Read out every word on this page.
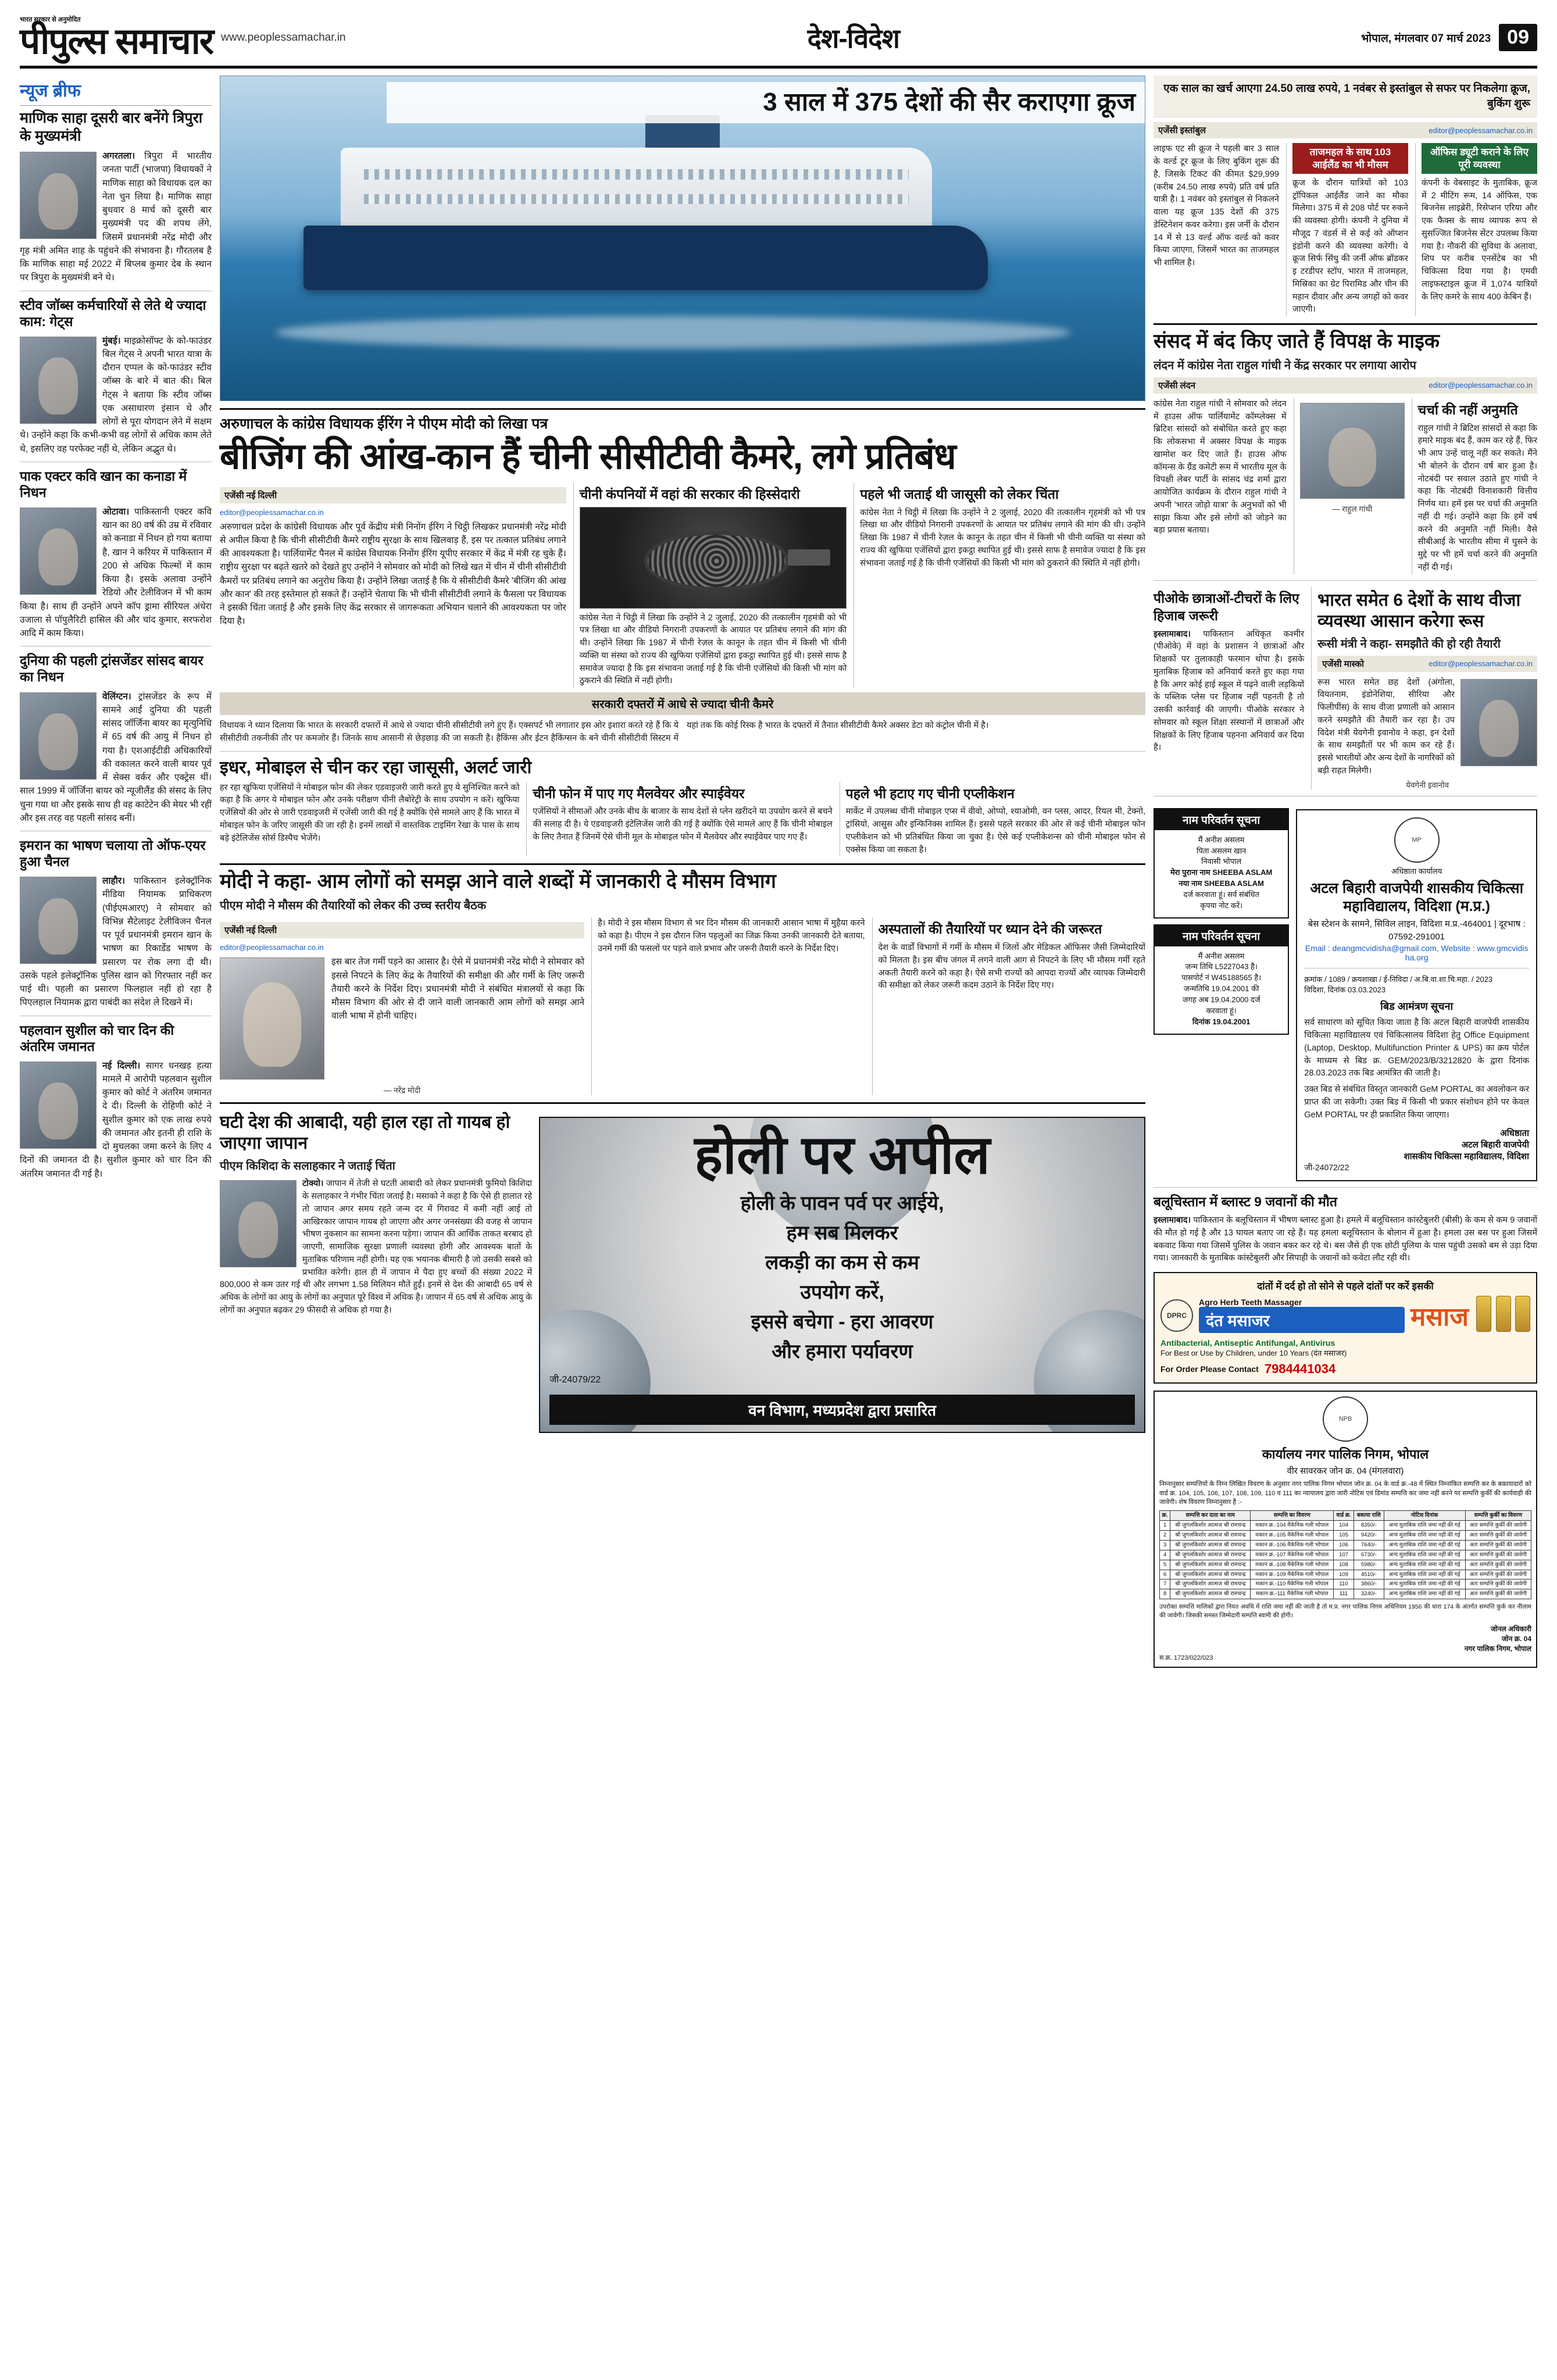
भारत सरकार से अनुमोदित
पीपुल्स समाचार www.peoplessamachar.in	देश-विदेश	भोपाल, मंगलवार 07 मार्च 2023 09
न्यूज ब्रीफ
माणिक साहा दूसरी बार बनेंगे त्रिपुरा के मुख्यमंत्री
अगरतला। त्रिपुरा में भारतीय जनता पार्टी (भाजपा) विधायकों ने माणिक साहा को विधायक दल का नेता चुन लिया है। माणिक साहा बुधवार 8 मार्च को दूसरी बार मुख्यमंत्री पद की शपथ लेंगे, जिसमें प्रधानमंत्री नरेंद्र मोदी और गृह मंत्री अमित शाह के पहुंचने की संभावना है। गौरतलब है कि माणिक साहा मई 2022 में बिप्लब कुमार देब के स्थान पर त्रिपुरा के मुख्यमंत्री बने थे।
स्टीव जॉब्स कर्मचारियों से लेते थे ज्यादा काम: गेट्स
मुंबई। माइक्रोसॉफ्ट के को-फाउंडर बिल गेट्स ने अपनी भारत यात्रा के दौरान एप्पल के को-फाउंडर स्टीव जॉब्स के बारे में बात की। बिल गेट्स ने बताया कि स्टीव जॉब्स एक असाधारण इंसान थे और लोगों से पूरा योगदान लेने में सक्षम थे। उन्होंने कहा कि कभी-कभी वह लोगों से अधिक काम लेते थे, इसलिए वह परफेक्ट नहीं थे, लेकिन अद्भुत थे।
पाक एक्टर कवि खान का कनाडा में निधन
ओटावा। पाकिस्तानी एक्टर कवि खान का 80 वर्ष की उम्र में रविवार को कनाडा में निधन हो गया बताया है, खान ने करियर में पाकिस्तान में 200 से अधिक फिल्मों में काम किया है। इसके अलावा उन्होंने रेडियो और टेलीविजन में भी काम किया है। साथ ही उन्होंने अपने कॉप ड्रामा सीरियल अंधेरा उजाला से पॉपुलैरिटी हासिल की और चांद कुमार, सरफरोश आदि में काम किया।
दुनिया की पहली ट्रांसजेंडर सांसद बायर का निधन
वेलिंग्टन। ट्रांसजेंडर के रूप में सामने आईं दुनिया की पहली सांसद जॉर्जिना बायर का मृत्युनिधि में 65 वर्ष की आयु में निधन हो गया है। एशआईटीडी अधिकारियों की वकालत करने वाली बायर पूर्व में सेक्स वर्कर और एक्ट्रेस थीं। साल 1999 में जॉर्जिना बायर को न्यूजीलैंड की संसद के लिए चुना गया था और इसके साथ ही वह काटेटेन की मेयर भी रहीं और इस तरह वह पहली सांसद बनीं।
इमरान का भाषण चलाया तो ऑफ-एयर हुआ चैनल
लाहौर। पाकिस्तान इलेक्ट्रॉनिक मीडिया नियामक प्राधिकरण (पीईएमआरए) ने सोमवार को विभिन्न सैटेलाइट टेलीविजन चैनल पर पूर्व प्रधानमंत्री इमरान खान के भाषण का रिकार्डेड भाषण के प्रसारण पर रोक लगा दी थी। उसके पहले इलेक्ट्रॉनिक पुलिस खान को गिरफ्तार नहीं कर पाई थी। पहली का प्रसारण फिलहाल नहीं हो रहा है पिएलहाल नियामक द्वारा पाबंदी का संदेश ले दिखने में।
पहलवान सुशील को चार दिन की अंतरिम जमानत
नई दिल्ली। सागर धनखड़ हत्या मामले में आरोपी पहलवान सुशील कुमार को कोर्ट ने अंतरिम जमानत दे दी। दिल्ली के रोहिणी कोर्ट ने सुशील कुमार को एक लाख रुपये की जमानत और इतनी ही राशि के दो मुचलका जमा करने के लिए 4 दिनों की जमानत दी है। सुशील कुमार को चार दिन की अंतरिम जमानत दी गई है।
3 साल में 375 देशों की सैर कराएगा क्रूज
अरुणाचल के कांग्रेस विधायक ईरिंग ने पीएम मोदी को लिखा पत्र
बीजिंग की आंख-कान हैं चीनी सीसीटीवी कैमरे, लगे प्रतिबंध
एजेंसी नई दिल्ली
editor@peoplessamachar.co.in
अरुणाचल प्रदेश के कांग्रेसी विधायक और पूर्व केंद्रीय मंत्री निनोंग ईरिंग ने चिट्ठी लिखकर प्रधानमंत्री नरेंद्र मोदी से अपील किया है कि चीनी सीसीटीवी कैमरे राष्ट्रीय सुरक्षा के साथ खिलवाड़ हैं, इस पर तत्काल प्रतिबंध लगाने की आवश्यकता है। पार्लियामेंट पैनल में कांग्रेस विधायक निनोंग ईरिंग यूपीए सरकार में केंद्र में मंत्री रह चुके हैं। राष्ट्रीय सुरक्षा पर बढ़ते खतरे को देखते हुए उन्होंने ने सोमवार को मोदी को लिखे खत में चीन में चीनी सीसीटीवी कैमरों पर प्रतिबंध लगाने का अनुरोध किया है। उन्होंने लिखा जताई है कि ये सीसीटीवी कैमरे 'बीजिंग की आंख और कान' की तरह इस्तेमाल हो सकते हैं। उन्होंने चेताया कि भी चीनी सीसीटीवी लगाने के फैसला पर विधायक ने इसकी चिंता जताई है और इसके लिए केंद्र सरकार से जागरूकता अभियान चलाने की आवश्यकता पर जोर दिया है।
चीनी कंपनियों में वहां की सरकार की हिस्सेदारी
कांग्रेस नेता ने चिट्ठी में लिखा कि उन्होंने ने 2 जुलाई, 2020 की तत्कालीन गृहमंत्री को भी पत्र लिखा था और वीडियो निगरानी उपकरणों के आयात पर प्रतिबंध लगाने की मांग की थी। उन्होंने लिखा कि 1987 में चीनी रेज़ल के कानून के तहत चीन में किसी भी चीनी व्यक्ति या संस्था को राज्य की खुफिया एजेंसियों द्वारा इकट्ठा स्थापित हुई थी। इससे साफ है समावेज ज्यादा है कि इस संभावना जताई गई है कि चीनी एजेंसियों की किसी भी मांग को ठुकराने की स्थिति में नहीं होगी।
पहले भी जताई थी जासूसी को लेकर चिंता
कांग्रेस नेता ने चिट्ठी में लिखा कि उन्होंने ने 2 जुलाई, 2020 की तत्कालीन गृहमंत्री को भी पत्र लिखा था और वीडियो निगरानी उपकरणों के आयात पर प्रतिबंध लगाने की मांग की थी। उन्होंने लिखा कि 1987 में चीनी रेज़ल के कानून के तहत चीन में किसी भी चीनी व्यक्ति या संस्था को राज्य की खुफिया एजेंसियों द्वारा इकट्ठा स्थापित हुई थी। इससे साफ है समावेज ज्यादा है कि इस संभावना जताई गई है कि चीनी एजेंसियों की किसी भी मांग को ठुकराने की स्थिति में नहीं होगी।
सरकारी दफ्तरों में आधे से ज्यादा चीनी कैमरे
विधायक ने ध्यान दिलाया कि भारत के सरकारी दफ्तरों में आधे से ज्यादा चीनी सीसीटीवी लगे हुए हैं। एक्सपर्ट भी लगातार इस ओर इशारा करते रहे हैं कि ये सीसीटीवी तकनीकी तौर पर कमजोर हैं। जिनके साथ आसानी से छेड़छाड़ की जा सकती है। हैकिंग्स और ईटन हैकिंग्सन के बने चीनी सीसीटीवी सिस्टम में यहां तक कि कोई रिस्क है भारत के दफ्तरों में तैनात सीसीटीवी कैमरे अक्सर डेटा को कंट्रोल चीनी में है।
इधर, मोबाइल से चीन कर रहा जासूसी, अलर्ट जारी
हर रहा खुफिया एजेंसियों ने मोबाइल फोन की लेकर एडवाइजरी जारी करते हुए ये सुनिश्चित करने को कहा है कि अगर ये मोबाइल फोन और उनके परीक्षण चीनी लैबोरेट्री के साथ उपयोग न करें। खुफिया एजेंसियों की ओर से जारी एडवाइजरी में एजेंसी जारी की गई है क्योंकि ऐसे मामले आए हैं कि भारत में मोबाइल फोन के जरिए जासूसी की जा रही है। इनमें लाखों में वास्तविक टाइमिंग रेखा के पास के साथ बड़े इंटेलिजेंस सोर्स डिस्पैच भेजेंगे।
चीनी फोन में पाए गए मैलवेयर और स्पाईवेयर
एजेंसियों ने सीमाओं और उनके बीच के बाजार के साथ देशों से प्लेन खरीदने या उपयोग करने से बचने की सलाह दी है। ये एडवाइजरी इंटेलिजेंस जारी की गई है क्योंकि ऐसे मामले आए हैं कि चीनी मोबाइल के लिए तैनात हैं जिनमें ऐसे चीनी मूल के मोबाइल फोन में मैलवेयर और स्पाईवेयर पाए गए हैं।
पहले भी हटाए गए चीनी एप्लीकेशन
मार्केट में उपलब्ध चीनी मोबाइल एप्स में वीवो, ओप्पो, श्याओमी, वन प्लस, आदर, रियल मी, टेक्नो, ट्रांसियो, आसुस और इन्फिनिक्स शामिल हैं। इससे पहले सरकार की ओर से कई चीनी मोबाइल फोन एप्लीकेशन को भी प्रतिबंधित किया जा चुका है। ऐसे कई एप्लीकेशन्स को चीनी मोबाइल फोन से एक्सेस किया जा सकता है।
मोदी ने कहा- आम लोगों को समझ आने वाले शब्दों में जानकारी दे मौसम विभाग
पीएम मोदी ने मौसम की तैयारियों को लेकर की उच्च स्तरीय बैठक
एजेंसी नई दिल्ली
editor@peoplessamachar.co.in
इस बार तेज गर्मी पड़ने का आसार है। ऐसे में प्रधानमंत्री नरेंद्र मोदी ने सोमवार को इससे निपटने के लिए केंद्र के तैयारियों की समीक्षा की और गर्मी के लिए जरूरी तैयारी करने के निर्देश दिए। प्रधानमंत्री मोदी ने संबंधित मंत्रालयों से कहा कि मौसम विभाग की ओर से दी जाने वाली जानकारी आम लोगों को समझ आने वाली भाषा में होनी चाहिए।
— नरेंद्र मोदी
है। मोदी ने इस मौसम विभाग से भर दिन मौसम की जानकारी आसान भाषा में मुहैया करने को कहा है। पीएम ने इस दौरान जिन पहलुओं का जिक्र किया उनकी जानकारी देते बताया, उनमें गर्मी की फसलों पर पड़ने वाले प्रभाव और जरूरी तैयारी करने के निर्देश दिए।
अस्पतालों की तैयारियों पर ध्यान देने की जरूरत
देश के वार्डों विभागों में गर्मी के मौसम में जिलों और मेडिकल ऑफिसर जैसी जिम्मेदारियों को मिलता है। इस बीच जंगल में लगने वाली आग से निपटने के लिए भी मौसम गर्मी रहते अकती तैयारी करने को कहा है। ऐसे सभी राज्यों को आपदा राज्यों और व्यापक जिम्मेदारी की समीक्षा को लेकर जरूरी कदम उठाने के निर्देश दिए गए।
घटी देश की आबादी, यही हाल रहा तो गायब हो जाएगा जापान
पीएम किशिदा के सलाहकार ने जताई चिंता
टोक्यो। जापान में तेजी से घटती आबादी को लेकर प्रधानमंत्री फुमियो किशिदा के सलाहकार ने गंभीर चिंता जताई है। मसाको ने कहा है कि ऐसे ही हालात रहे तो जापान अगर समय रहते जन्म दर में गिरावट में कमी नहीं आई तो आखिरकार जापान गायब हो जाएगा और अगर जनसंख्या की वजह से जापान भीषण नुकसान का सामना करना पड़ेगा। जापान की आर्थिक ताकत बरबाद हो जाएगी, सामाजिक सुरक्षा प्रणाली व्यवस्था होगी और आवश्यक बातों के मुताबिक परिणाम नहीं होगी। यह एक भयानक बीमारी है जो उसकी सबसे को प्रभावित करेगी। हाल ही में जापान में पैदा हुए बच्चों की संख्या 2022 में 800,000 से कम उतर गई थी और लगभग 1.58 मिलियन मौतें हुईं। इनमें से देश की आबादी 65 वर्ष से अधिक के लोगों का आयु के लोगों का अनुपात पूरे विश्व में अधिक है। जापान में 65 वर्ष से अधिक आयु के लोगों का अनुपात बढ़कर 29 फीसदी से अधिक हो गया है।
होली पर अपील
होली के पावन पर्व पर आईये,
हम सब मिलकर
लकड़ी का कम से कम
उपयोग करें,
इससे बचेगा - हरा आवरण
और हमारा पर्यावरण
जी-24079/22
वन विभाग, मध्यप्रदेश द्वारा प्रसारित
एक साल का खर्च आएगा 24.50 लाख रुपये, 1 नवंबर से इस्तांबुल से सफर पर निकलेगा क्रूज, बुकिंग शुरू
एजेंसी इस्तांबुल	editor@peoplessamachar.co.in
लाइफ एट सी क्रूज ने पहली बार 3 साल के वर्ल्ड टूर क्रूज के लिए बुकिंग शुरू की है, जिसके टिकट की कीमत $29,999 (करीब 24.50 लाख रुपये) प्रति वर्ष प्रति यात्री है। 1 नवंबर को इस्तांबुल से निकलने वाला यह क्रूज 135 देशों की 375 डेस्टिनेशन कवर करेगा। इस जर्नी के दौरान 14 में से 13 वर्ल्ड ऑफ वर्ल्ड को कवर किया जाएगा, जिसमें भारत का ताजमहल भी शामिल है।
ताजमहल के साथ 103 आईलैंड का भी मौसम
क्रूज के दौरान यात्रियों को 103 ट्रॉपिकल आईलैंड जाने का मौका मिलेगा। 375 में से 208 पोर्ट पर रुकने की व्यवस्था होगी। कंपनी ने दुनिया में मौजूद 7 वंडर्स में से कई को ऑप्शन इंडोनी करने की व्यवस्था करेगी। ये क्रूज सिर्फ सिंधु की जर्नी ऑफ ब्रॉडकर इ टरडीपर स्टॉप, भारत में ताजमहल, मिस्रिका का ग्रेट पिरामिड और चीन की महान दीवार और अन्य जगहों को कवर जाएगी।
ऑफिस ड्यूटी कराने के लिए पूरी व्यवस्था
कंपनी के वेबसाइट के मुताबिक, क्रूज में 2 मीटिंग रूम, 14 ऑफिस, एक बिजनेस लाइब्रेरी, रिसेप्शन एरिया और एक फैक्स के साथ व्यापक रूप से सुसज्जित बिजनेस सेंटर उपलब्ध किया गया है। नौकरी की सुविधा के अलावा, शिप पर करीब एनसेंटेब का भी चिकित्सा दिया गया है। एमवी लाइफस्टाइल क्रूज में 1,074 यात्रियों के लिए कमरे के साथ 400 केबिन हैं।
संसद में बंद किए जाते हैं विपक्ष के माइक
लंदन में कांग्रेस नेता राहुल गांधी ने केंद्र सरकार पर लगाया आरोप
एजेंसी लंदन	editor@peoplessamachar.co.in
कांग्रेस नेता राहुल गांधी ने सोमवार को लंदन में हाउस ऑफ पार्लियामेंट कॉम्प्लेक्स में ब्रिटिश सांसदों को संबोधित करते हुए कहा कि लोकसभा में अक्सर विपक्ष के माइक खामोश कर दिए जाते हैं। हाउस ऑफ कॉमन्स के ग्रैंड कमेटी रूम में भारतीय मूल के विपक्षी लेबर पार्टी के सांसद चंद्र शर्मा द्वारा आयोजित कार्यक्रम के दौरान राहुल गांधी ने अपनी 'भारत जोड़ो यात्रा' के अनुभवों को भी साझा किया और इसे लोगों को जोड़ने का बड़ा प्रयास बताया।
— राहुल गांधी
चर्चा की नहीं अनुमति
राहुल गांधी ने ब्रिटिश सांसदों से कहा कि हमारे माइक बंद हैं, काम कर रहे हैं, फिर भी आप उन्हें चालू नहीं कर सकते। मैंने भी बोलने के दौरान वर्ष बार हुआ है। नोटबंदी पर सवाल उठाते हुए गांधी ने कहा कि नोटबंदी विनाशकारी वित्तीय निर्णय था। हमें इस पर चर्चा की अनुमति नहीं दी गई। उन्होंने कहा कि हमें वर्ष करने की अनुमति नहीं मिली। वैसे सीबीआई के भारतीय सीमा में घुसने के मुद्दे पर भी हमें चर्चा करने की अनुमति नहीं दी गई।
पीओके छात्राओं-टीचरों के लिए हिजाब जरूरी
इस्लामाबाद। पाकिस्तान अधिकृत कश्मीर (पीओके) में वहां के प्रशासन ने छात्राओं और शिक्षकों पर तुलाकाही फरमान थोपा है। इसके मुताबिक हिजाब को अनिवार्य करते हुए कहा गया है कि अगर कोई हाई स्कूल में पढ़ने वाली लड़कियों के पब्लिक प्लेस पर हिजाब नहीं पहनती है तो उसकी कार्रवाई की जाएगी। पीओके सरकार ने सोमवार को स्कूल शिक्षा संस्थानों में छात्राओं और शिक्षकों के लिए हिजाब पहनना अनिवार्य कर दिया है।
भारत समेत 6 देशों के साथ वीजा व्यवस्था आसान करेगा रूस
रूसी मंत्री ने कहा- समझौते की हो रही तैयारी
एजेंसी मास्को	editor@peoplessamachar.co.in
रूस भारत समेत छह देशों (अंगोला, वियतनाम, इंडोनेशिया, सीरिया और फिलीपींस) के साथ वीजा प्रणाली को आसान करने समझौते की तैयारी कर रहा है। उप विदेश मंत्री येवगेनी इवानोव ने कहा, इन देशों के साथ समझौतों पर भी काम कर रहे हैं। इससे भारतीयों और अन्य देशों के नागरिकों को बड़ी राहत मिलेगी।
येवगेनी इवानोव
नाम परिवर्तन सूचना
मैं अनीश असलम
पिता असलम खान
निवासी भोपाल
मेरा पुराना नाम SHEEBA ASLAM
नया नाम SHEEBA ASLAM
दर्ज करवाता हूं। सर्व संबंधित
कृपया नोट करें।
नाम परिवर्तन सूचना
मैं अनीश असलम
जन्म तिथि L5227043 है।
पासपोर्ट नं W45188565 है।
जन्मतिथि 19.04.2001 की
जगह अब 19.04.2000 दर्ज
करवाता हूं।
दिनांक 19.04.2001
MP
अधिष्ठाता कार्यालय
अटल बिहारी वाजपेयी शासकीय चिकित्सा महाविद्यालय, विदिशा (म.प्र.)
बेस स्टेशन के सामने, सिविल लाइन, विदिशा म.प्र.-464001 | दूरभाष : 07592-291001
Email : deangmcvidisha@gmail.com, Website : www.gmcvidisha.org
क्रमांक / 1089 / क्रयशाखा / ई-निविदा / अ.बि.वा.शा.चि.महा. / 2023
विदिशा, दिनांक 03.03.2023
बिड आमंत्रण सूचना
सर्व साधारण को सूचित किया जाता है कि अटल बिहारी वाजपेयी शासकीय चिकित्सा महाविद्यालय एवं चिकित्सालय विदिशा हेतु Office Equipment (Laptop, Desktop, Multifunction Printer & UPS) का क्रय पोर्टल के माध्यम से बिड क्र. GEM/2023/B/3212820 के द्वारा दिनांक 28.03.2023 तक बिड आमंत्रित की जाती है।
उक्त बिड से संबंधित विस्तृत जानकारी GeM PORTAL का अवलोकन कर प्राप्त की जा सकेगी। उक्त बिड में किसी भी प्रकार संशोधन होने पर केवल GeM PORTAL पर ही प्रकाशित किया जाएगा।
अधिष्ठाता
अटल बिहारी वाजपेयी
शासकीय चिकित्सा महाविद्यालय, विदिशा
जी-24072/22
बलूचिस्तान में ब्लास्ट 9 जवानों की मौत
इस्लामाबाद। पाकिस्तान के बलूचिस्तान में भीषण ब्लास्ट हुआ है। हमले में बलूचिस्तान कांस्टेबुलरी (बीसी) के कम से कम 9 जवानों की मौत हो गई है और 13 घायल बताए जा रहे हैं। यह हमला बलूचिस्तान के बोलान में हुआ है। हमला उस बस पर हुआ जिसमें बकवाट किया गया जिसमें पुलिस के जवान बकर कर रहे थे। बस जैसे ही एक छोटी पुलिया के पास पहुंची उसको बम से उड़ा दिया गया। जानकारी के मुताबिक कांस्टेबुलरी और सिपाही के जवानों को कवेटा लौट रही थी।
दांतों में दर्द हो तो सोने से पहले दांतों पर करें इसकी
DPRC
Agro Herb Teeth Massager
दंत मसाजर	मसाज

Antibacterial, Antiseptic Antifungal, Antivirus
For Best or Use by Children, under 10 Years (दंत मसाजर)
For Order Please Contact 7984441034
NPB
कार्यालय नगर पालिक निगम, भोपाल
वीर सावरकर जोन क्र. 04 (मंगलवारा)
निम्नानुसार सम्पत्तियों के निम्न लिखित विवरण के अनुसार नगर पालिक निगम भोपाल जोन क्र. 04 के वार्ड क्र.-48 में स्थित निम्नांकित सम्पत्ति कर के बकायादारों को वार्ड क्र. 104, 105, 106, 107, 108, 109, 110 व 111 का न्यायालय द्वारा जारी नोटिस एवं डिमांड सम्पत्ति कर जमा नहीं करने पर सम्पत्ति कुर्की की कार्यवाही की जावेगी। शेष विवरण निम्नानुसार है :-
क्र.	सम्पत्ति कर दाता का नाम	सम्पत्ति का विवरण	वार्ड क्र.	बकाया राशि	नोटिस दिनांक	सम्पत्ति कुर्की का विवरण
1	श्री जुगलकिशोर आत्मज श्री रामचन्द्र	मकान क्र.-104 मैकेनिक गली भोपाल	104	8350/-	अन्य मुताबिक राशि जमा नहीं की गई	अतः सम्पत्ति कुर्की की जावेगी
2	श्री जुगलकिशोर आत्मज श्री रामचन्द्र	मकान क्र.-105 मैकेनिक गली भोपाल	105	9420/-	अन्य मुताबिक राशि जमा नहीं की गई	अतः सम्पत्ति कुर्की की जावेगी
3	श्री जुगलकिशोर आत्मज श्री रामचन्द्र	मकान क्र.-106 मैकेनिक गली भोपाल	106	7640/-	अन्य मुताबिक राशि जमा नहीं की गई	अतः सम्पत्ति कुर्की की जावेगी
4	श्री जुगलकिशोर आत्मज श्री रामचन्द्र	मकान क्र.-107 मैकेनिक गली भोपाल	107	6730/-	अन्य मुताबिक राशि जमा नहीं की गई	अतः सम्पत्ति कुर्की की जावेगी
5	श्री जुगलकिशोर आत्मज श्री रामचन्द्र	मकान क्र.-108 मैकेनिक गली भोपाल	108	5980/-	अन्य मुताबिक राशि जमा नहीं की गई	अतः सम्पत्ति कुर्की की जावेगी
6	श्री जुगलकिशोर आत्मज श्री रामचन्द्र	मकान क्र.-109 मैकेनिक गली भोपाल	109	4510/-	अन्य मुताबिक राशि जमा नहीं की गई	अतः सम्पत्ति कुर्की की जावेगी
7	श्री जुगलकिशोर आत्मज श्री रामचन्द्र	मकान क्र.-110 मैकेनिक गली भोपाल	110	3860/-	अन्य मुताबिक राशि जमा नहीं की गई	अतः सम्पत्ति कुर्की की जावेगी
8	श्री जुगलकिशोर आत्मज श्री रामचन्द्र	मकान क्र.-111 मैकेनिक गली भोपाल	111	3240/-	अन्य मुताबिक राशि जमा नहीं की गई	अतः सम्पत्ति कुर्की की जावेगी
उपरोक्त सम्पत्ति मालिकों द्वारा नियत अवधि में राशि जमा नहीं की जाती है तो म.प्र. नगर पालिक निगम अधिनियम 1956 की धारा 174 के अंतर्गत सम्पत्ति कुर्क कर नीलाम की जावेगी। जिसकी समस्त जिम्मेदारी सम्पत्ति स्वामी की होगी।
जोनल अधिकारी
जोन क्र. 04
नगर पालिक निगम, भोपाल
स.क्र. 1723/022/023
